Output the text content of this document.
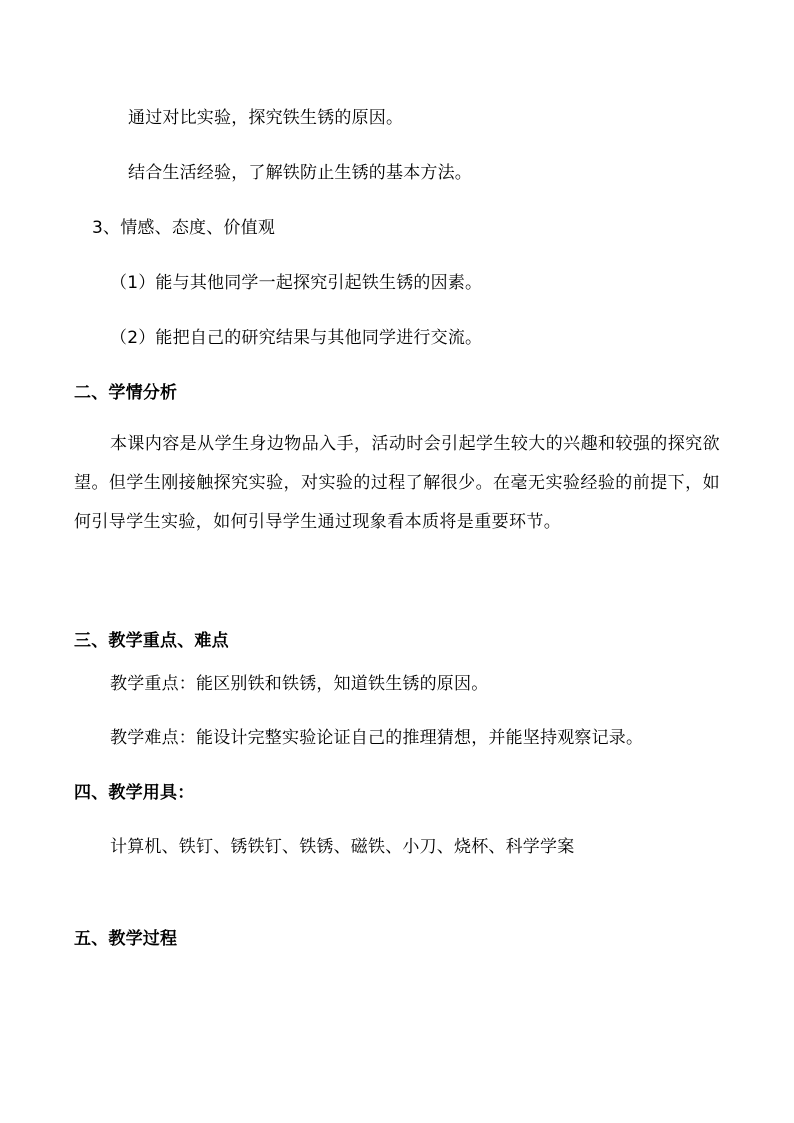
通过对比实验，探究铁生锈的原因。
结合生活经验，了解铁防止生锈的基本方法。
3、情感、态度、价值观
（1）能与其他同学一起探究引起铁生锈的因素。
（2）能把自己的研究结果与其他同学进行交流。
二、学情分析
本课内容是从学生身边物品入手，活动时会引起学生较大的兴趣和较强的探究欲望。但学生刚接触探究实验，对实验的过程了解很少。在毫无实验经验的前提下，如何引导学生实验，如何引导学生通过现象看本质将是重要环节。
三、教学重点、难点
教学重点：能区别铁和铁锈，知道铁生锈的原因。
教学难点：能设计完整实验论证自己的推理猜想，并能坚持观察记录。
四、教学用具：
计算机、铁钉、锈铁钉、铁锈、磁铁、小刀、烧杯、科学学案
五、教学过程
